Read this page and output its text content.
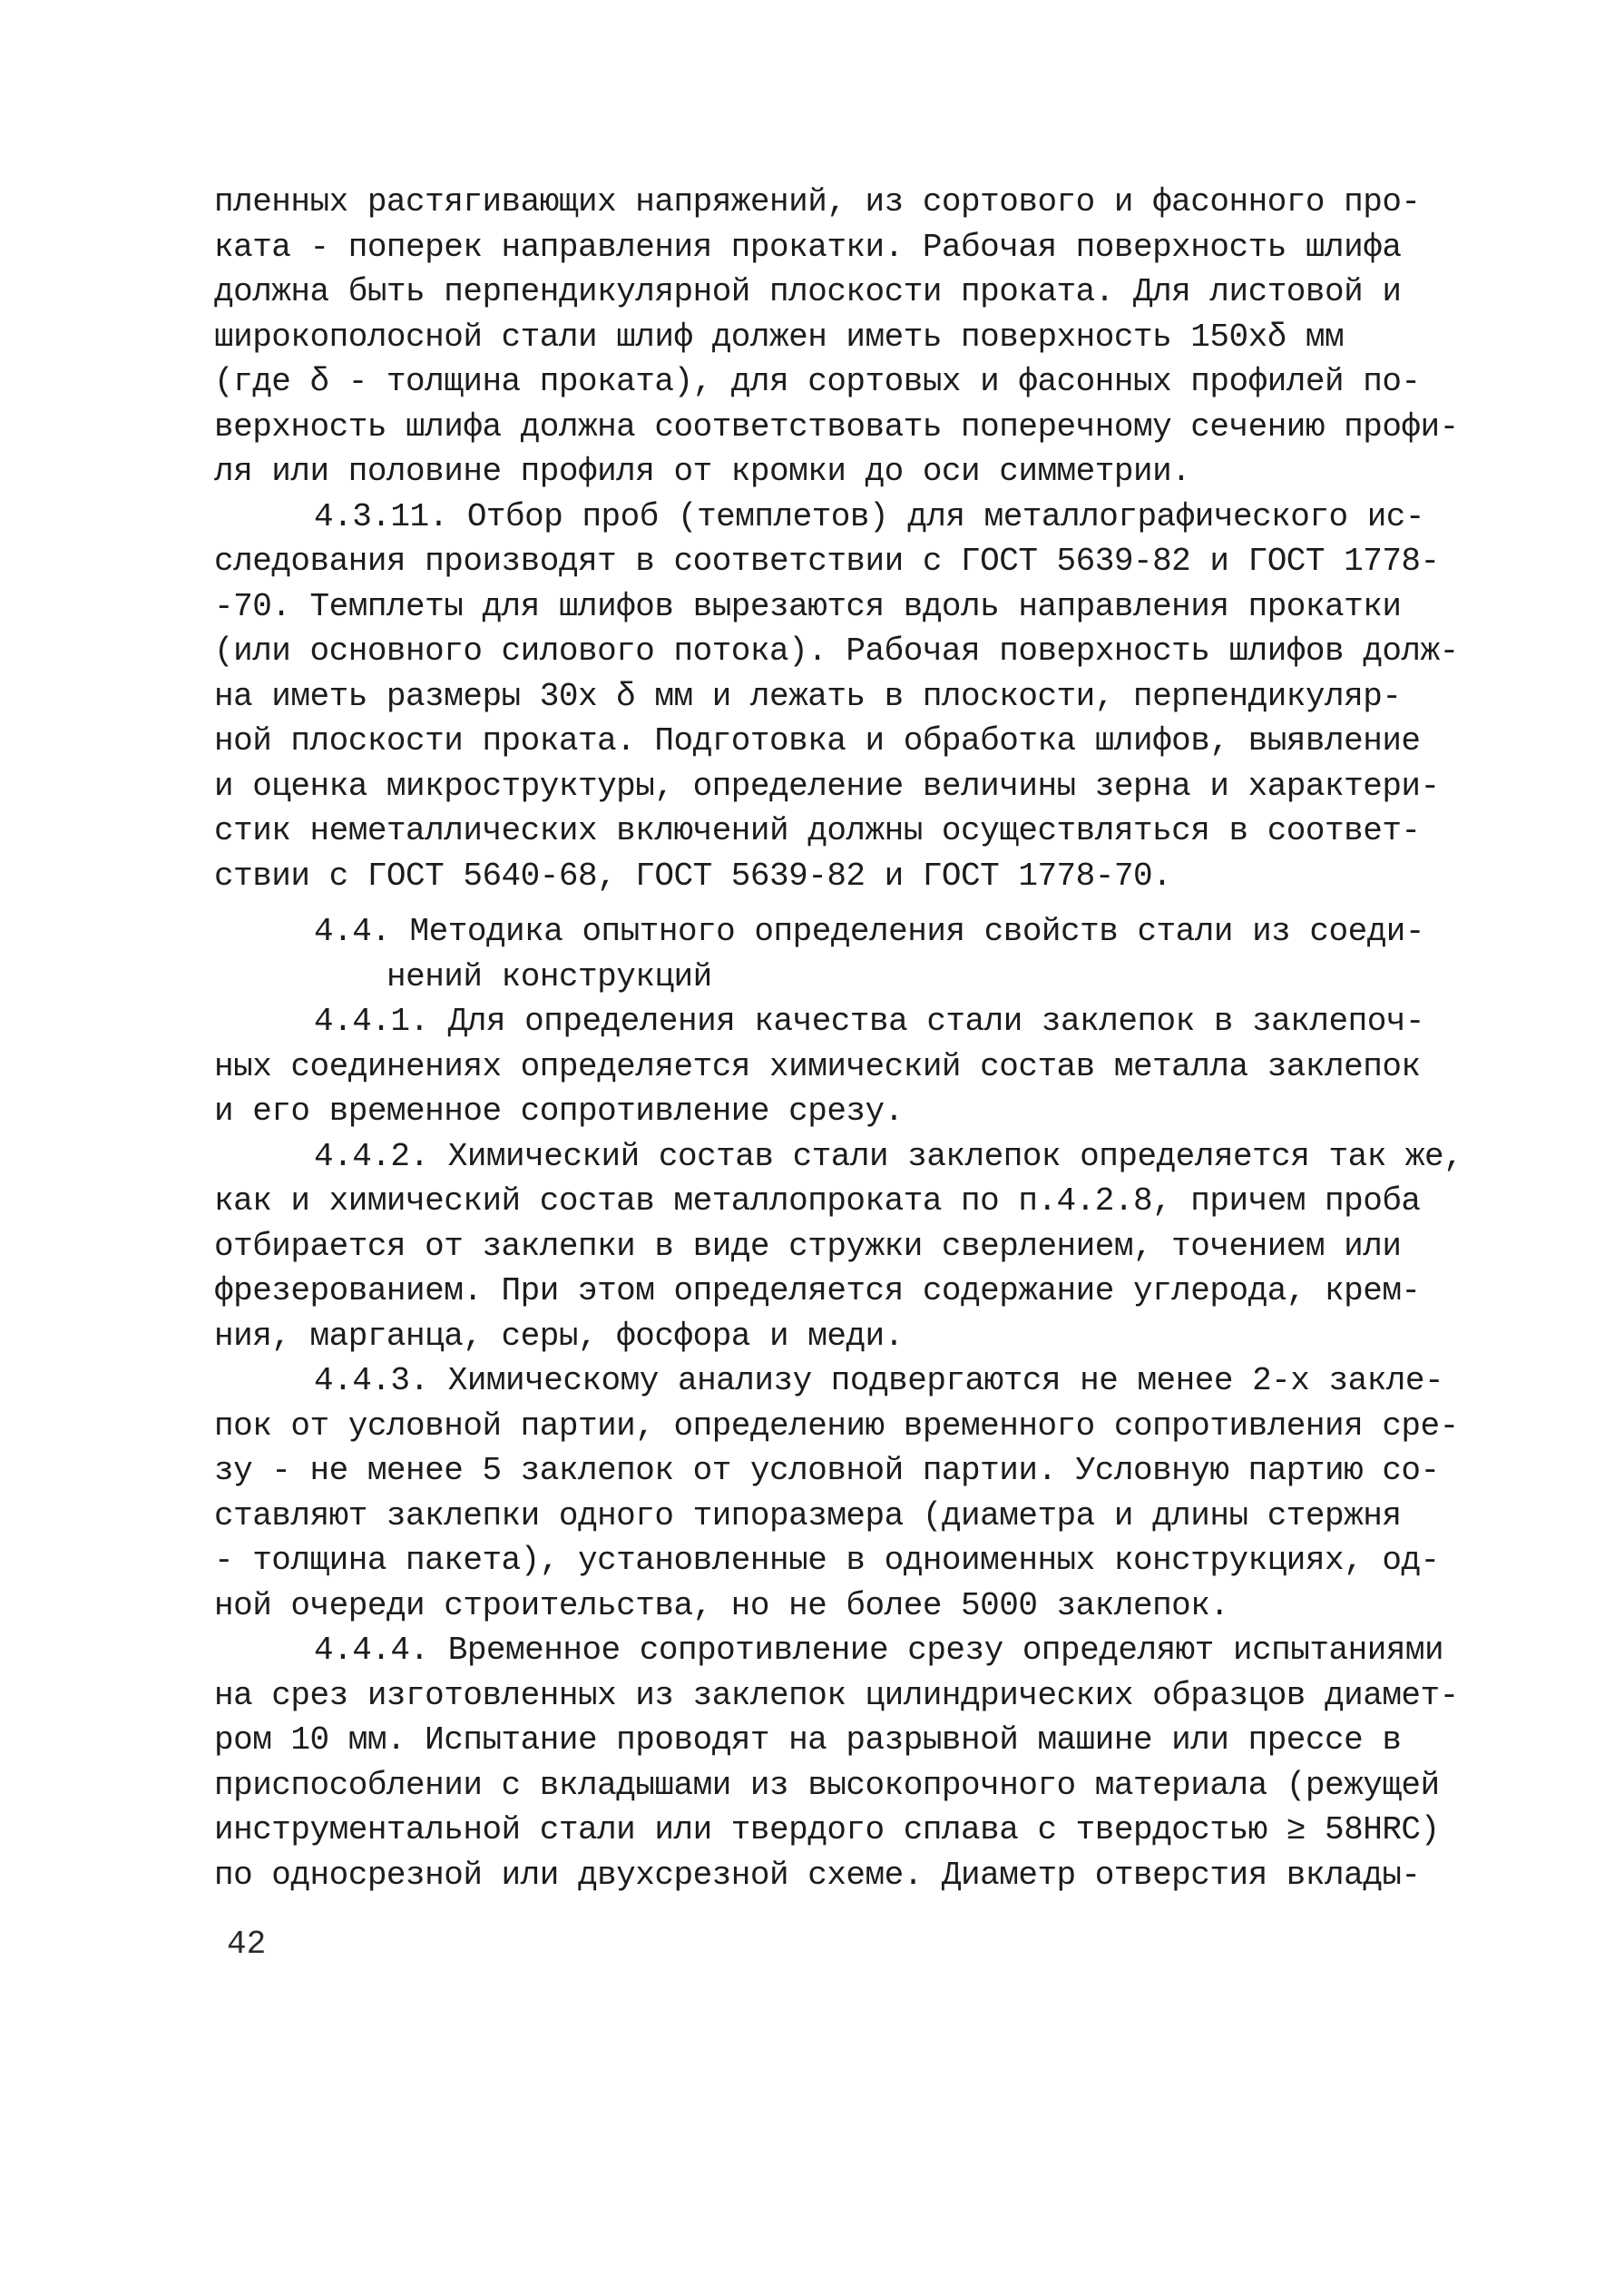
пленных растягивающих напряжений, из сортового и фасонного про-
ката - поперек направления прокатки. Рабочая поверхность шлифа
должна быть перпендикулярной плоскости проката. Для листовой и
широкополосной стали шлиф должен иметь поверхность 150хδ мм
(где δ - толщина проката), для сортовых и фасонных профилей по-
верхность шлифа должна соответствовать поперечному сечению профи-
ля или половине профиля от кромки до оси симметрии.
4.3.11. Отбор проб (темплетов) для металлографического ис-
следования производят в соответствии с ГОСТ 5639-82 и ГОСТ 1778-
-70. Темплеты для шлифов вырезаются вдоль направления прокатки
(или основного силового потока). Рабочая поверхность шлифов долж-
на иметь размеры 30х δ мм и лежать в плоскости, перпендикуляр-
ной плоскости проката. Подготовка и обработка шлифов, выявление
и оценка микроструктуры, определение величины зерна и характери-
стик неметаллических включений должны осуществляться в соответ-
ствии с ГОСТ 5640-68, ГОСТ 5639-82 и ГОСТ 1778-70.
4.4. Методика опытного определения свойств стали из соеди-
нений конструкций
4.4.1. Для определения качества стали заклепок в заклепоч-
ных соединениях определяется химический состав металла заклепок
и его временное сопротивление срезу.
4.4.2. Химический состав стали заклепок определяется так же,
как и химический состав металлопроката по п.4.2.8, причем проба
отбирается от заклепки в виде стружки сверлением, точением или
фрезерованием. При этом определяется содержание углерода, крем-
ния, марганца, серы, фосфора и меди.
4.4.3. Химическому анализу подвергаются не менее 2-х закле-
пок от условной партии, определению временного сопротивления сре-
зу - не менее 5 заклепок от условной партии. Условную партию со-
ставляют заклепки одного типоразмера (диаметра и длины стержня
- толщина пакета), установленные в одноименных конструкциях, од-
ной очереди строительства, но не более 5000 заклепок.
4.4.4. Временное сопротивление срезу определяют испытаниями
на срез изготовленных из заклепок цилиндрических образцов диамет-
ром 10 мм. Испытание проводят на разрывной машине или прессе в
приспособлении с вкладышами из высокопрочного материала (режущей
инструментальной стали или твердого сплава с твердостью ≥ 58HRC)
по односрезной или двухсрезной схеме. Диаметр отверстия вклады-
42
